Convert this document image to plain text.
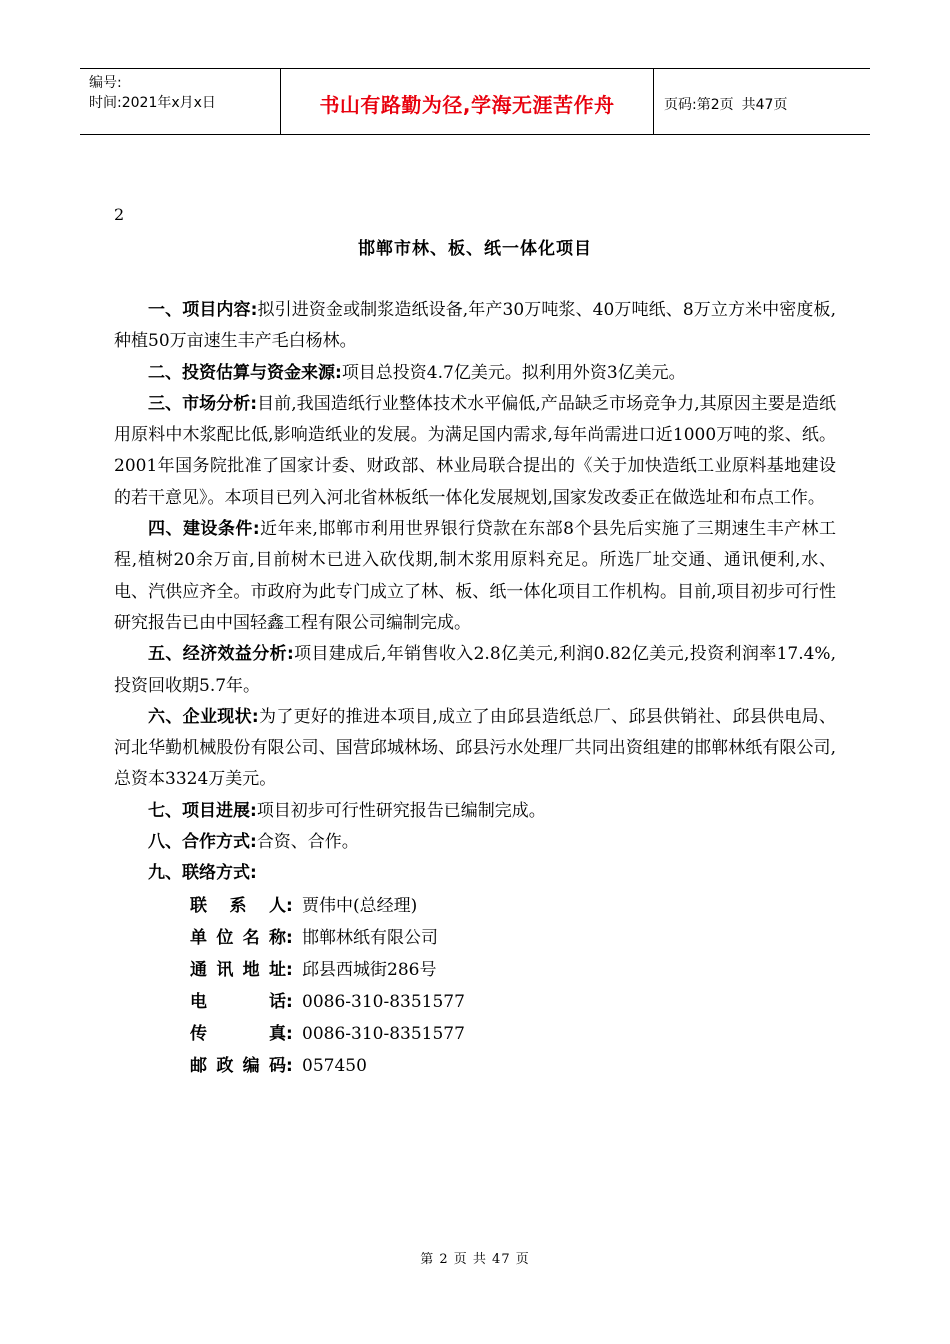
编号:
时间:2021年x月x日	书山有路勤为径,学海无涯苦作舟	页码:第2页 共47页
2
邯郸市林、板、纸一体化项目

一、项目内容:拟引进资金或制浆造纸设备,年产30万吨浆、40万吨纸、8万立方米中密度板,种植50万亩速生丰产毛白杨林。

二、投资估算与资金来源:项目总投资4.7亿美元。拟利用外资3亿美元。

三、市场分析:目前,我国造纸行业整体技术水平偏低,产品缺乏市场竞争力,其原因主要是造纸用原料中木浆配比低,影响造纸业的发展。为满足国内需求,每年尚需进口近1000万吨的浆、纸。2001年国务院批准了国家计委、财政部、林业局联合提出的《关于加快造纸工业原料基地建设的若干意见》。本项目已列入河北省林板纸一体化发展规划,国家发改委正在做选址和布点工作。

四、建设条件:近年来,邯郸市利用世界银行贷款在东部8个县先后实施了三期速生丰产林工程,植树20余万亩,目前树木已进入砍伐期,制木浆用原料充足。所选厂址交通、通讯便利,水、电、汽供应齐全。市政府为此专门成立了林、板、纸一体化项目工作机构。目前,项目初步可行性研究报告已由中国轻鑫工程有限公司编制完成。

五、经济效益分析:项目建成后,年销售收入2.8亿美元,利润0.82亿美元,投资利润率17.4%,投资回收期5.7年。

六、企业现状:为了更好的推进本项目,成立了由邱县造纸总厂、邱县供销社、邱县供电局、河北华勤机械股份有限公司、国营邱城林场、邱县污水处理厂共同出资组建的邯郸林纸有限公司,总资本3324万美元。

七、项目进展:项目初步可行性研究报告已编制完成。

八、合作方式:合资、合作。

九、联络方式:

联系人 : 贾伟中(总经理)
单位名称 : 邯郸林纸有限公司
通讯地址 : 邱县西城街286号
电话 : 0086-310-8351577
传真 : 0086-310-8351577
邮政编码 : 057450
第 2 页 共 47 页
